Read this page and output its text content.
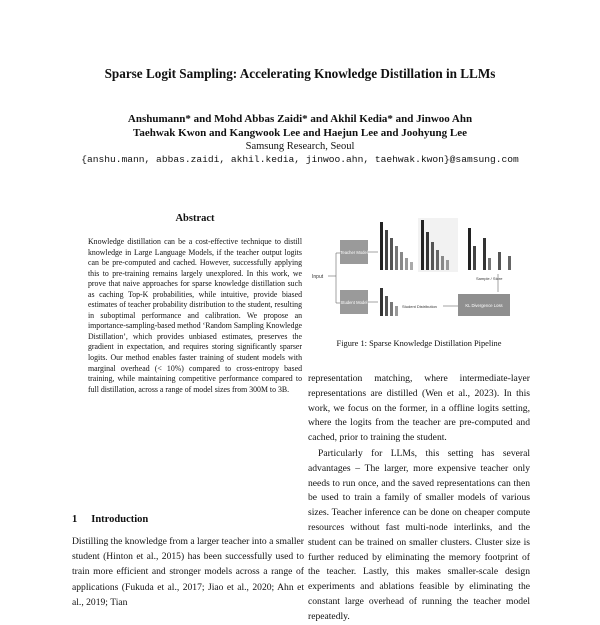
Sparse Logit Sampling: Accelerating Knowledge Distillation in LLMs
Anshumann* and Mohd Abbas Zaidi* and Akhil Kedia* and Jinwoo Ahn
Taehwak Kwon and Kangwook Lee and Haejun Lee and Joohyung Lee
Samsung Research, Seoul
{anshu.mann, abbas.zaidi, akhil.kedia, jinwoo.ahn, taehwak.kwon}@samsung.com
Abstract
Knowledge distillation can be a cost-effective technique to distill knowledge in Large Language Models, if the teacher output logits can be pre-computed and cached. However, successfully applying this to pre-training remains largely unexplored. In this work, we prove that naive approaches for sparse knowledge distillation such as caching Top-K probabilities, while intuitive, provide biased estimates of teacher probability distribution to the student, resulting in suboptimal performance and calibration. We propose an importance-sampling-based method ‘Random Sampling Knowledge Distillation’, which provides unbiased estimates, preserves the gradient in expectation, and requires storing significantly sparser logits. Our method enables faster training of student models with marginal overhead (< 10%) compared to cross-entropy based training, while maintaining competitive performance compared to full distillation, across a range of model sizes from 300M to 3B.
1 Introduction
Distilling the knowledge from a larger teacher into a smaller student (Hinton et al., 2015) has been successfully used to train more efficient and stronger models across a range of applications (Fukuda et al., 2017; Jiao et al., 2020; Ahn et al., 2019; Tian
Input
Teacher Model
Sample / Store
Student Model
Student Distribution	KL Divergence Loss
Figure 1: Sparse Knowledge Distillation Pipeline
representation matching, where intermediate-layer representations are distilled (Wen et al., 2023). In this work, we focus on the former, in a offline logits setting, where the logits from the teacher are pre-computed and cached, prior to training the student.
Particularly for LLMs, this setting has several advantages – The larger, more expensive teacher only needs to run once, and the saved representations can then be used to train a family of smaller models of various sizes. Teacher inference can be done on cheaper compute resources without fast multi-node interlinks, and the student can be trained on smaller clusters. Cluster size is further reduced by eliminating the memory footprint of the teacher. Lastly, this makes smaller-scale design experiments and ablations feasible by eliminating the constant large overhead of running the teacher model repeatedly.
